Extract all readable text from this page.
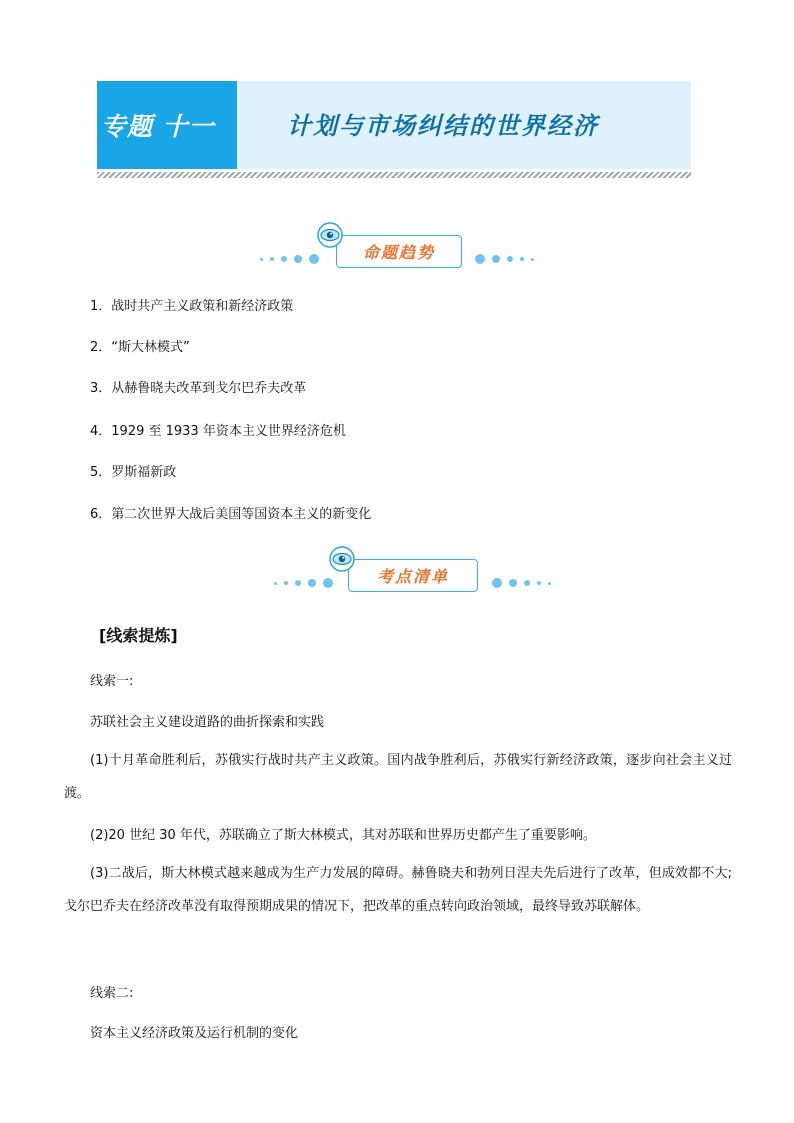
专题 十一	计划与市场纠结的世界经济
命题趋势
1．战时共产主义政策和新经济政策
2．“斯大林模式”
3．从赫鲁晓夫改革到戈尔巴乔夫改革
4．1929 至 1933 年资本主义世界经济危机
5．罗斯福新政
6．第二次世界大战后美国等国资本主义的新变化
考点清单
[线索提炼]
线索一:
苏联社会主义建设道路的曲折探索和实践
(1)十月革命胜利后，苏俄实行战时共产主义政策。国内战争胜利后，苏俄实行新经济政策，逐步向社会主义过渡。
(2)20 世纪 30 年代，苏联确立了斯大林模式，其对苏联和世界历史都产生了重要影响。
(3)二战后，斯大林模式越来越成为生产力发展的障碍。赫鲁晓夫和勃列日涅夫先后进行了改革，但成效都不大; 戈尔巴乔夫在经济改革没有取得预期成果的情况下，把改革的重点转向政治领域，最终导致苏联解体。
线索二:
资本主义经济政策及运行机制的变化
